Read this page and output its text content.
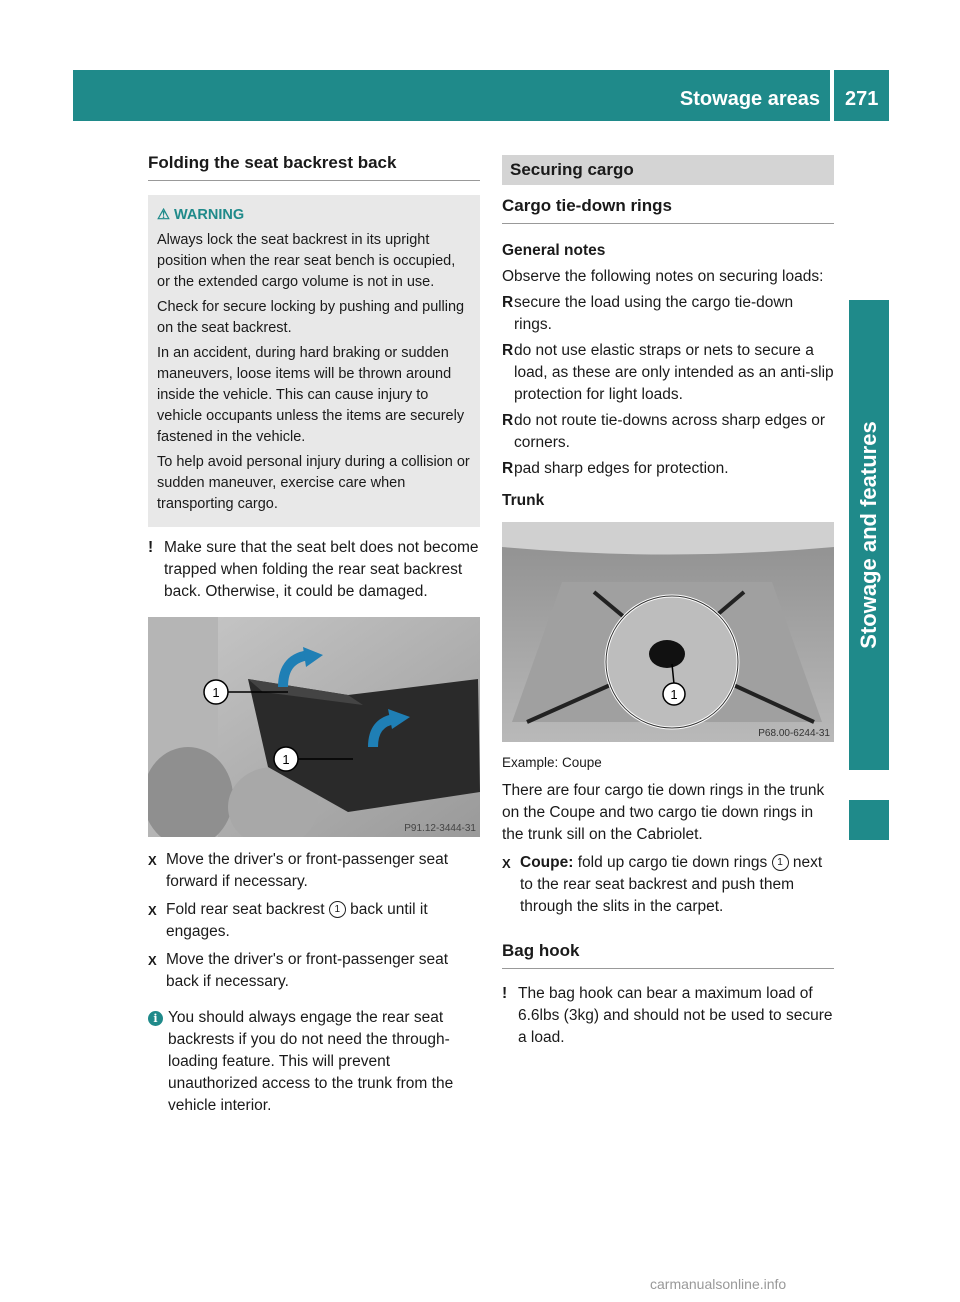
Stowage areas 271
Stowage and features
Folding the seat backrest back
⚠ WARNING

Always lock the seat backrest in its upright position when the rear seat bench is occupied, or the extended cargo volume is not in use.

Check for secure locking by pushing and pulling on the seat backrest.

In an accident, during hard braking or sudden maneuvers, loose items will be thrown around inside the vehicle. This can cause injury to vehicle occupants unless the items are securely fastened in the vehicle.

To help avoid personal injury during a collision or sudden maneuver, exercise care when transporting cargo.

! Make sure that the seat belt does not become trapped when folding the rear seat backrest back. Otherwise, it could be damaged.
1
1
P91.12-3444-31
X Move the driver's or front-passenger seat forward if necessary.
X Fold rear seat backrest 1 back until it engages.
X Move the driver's or front-passenger seat back if necessary.
i You should always engage the rear seat backrests if you do not need the through-loading feature. This will prevent unauthorized access to the trunk from the vehicle interior.
Securing cargo
Cargo tie-down rings
General notes
Observe the following notes on securing loads:
R secure the load using the cargo tie-down rings.
R do not use elastic straps or nets to secure a load, as these are only intended as an anti-slip protection for light loads.
R do not route tie-downs across sharp edges or corners.
R pad sharp edges for protection.
Trunk
1
P68.00-6244-31
Example: Coupe
There are four cargo tie down rings in the trunk on the Coupe and two cargo tie down rings in the trunk sill on the Cabriolet.
X Coupe: fold up cargo tie down rings 1 next to the rear seat backrest and push them through the slits in the carpet.
Bag hook
! The bag hook can bear a maximum load of 6.6lbs (3kg) and should not be used to secure a load.
carmanualsonline.info
